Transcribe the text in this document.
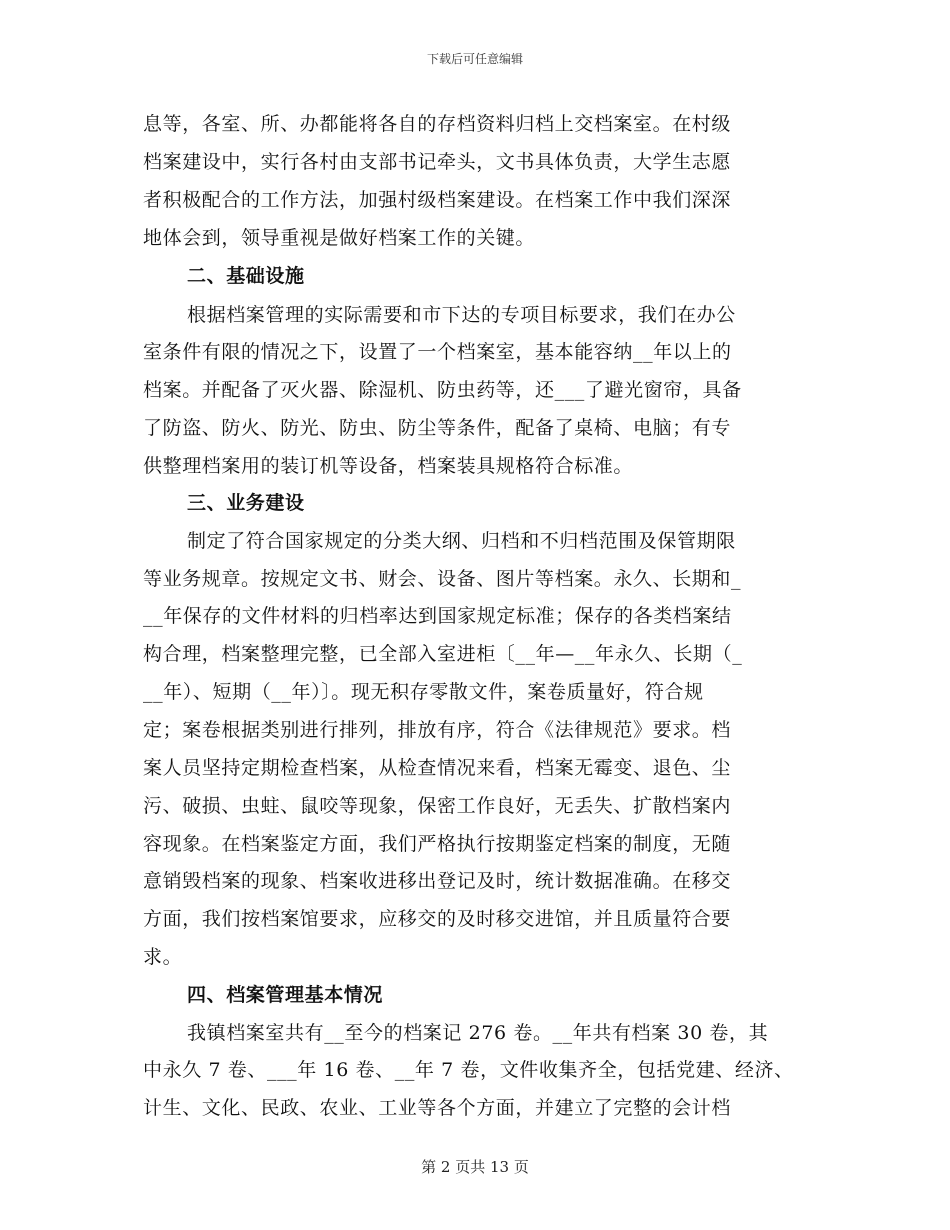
下载后可任意编辑
息等，各室、所、办都能将各自的存档资料归档上交档案室。在村级
档案建设中，实行各村由支部书记牵头，文书具体负责，大学生志愿
者积极配合的工作方法，加强村级档案建设。在档案工作中我们深深
地体会到，领导重视是做好档案工作的关键。
二、基础设施
根据档案管理的实际需要和市下达的专项目标要求，我们在办公
室条件有限的情况之下，设置了一个档案室，基本能容纳__年以上的
档案。并配备了灭火器、除湿机、防虫药等，还___了避光窗帘，具备
了防盗、防火、防光、防虫、防尘等条件，配备了桌椅、电脑；有专
供整理档案用的装订机等设备，档案装具规格符合标准。
三、业务建设
制定了符合国家规定的分类大纲、归档和不归档范围及保管期限
等业务规章。按规定文书、财会、设备、图片等档案。永久、长期和_
__年保存的文件材料的归档率达到国家规定标准；保存的各类档案结
构合理，档案整理完整，已全部入室进柜〔__年—__年永久、长期（_
__年）、短期（__年）〕。现无积存零散文件，案卷质量好，符合规
定；案卷根据类别进行排列，排放有序，符合《法律规范》要求。档
案人员坚持定期检查档案，从检查情况来看，档案无霉变、退色、尘
污、破损、虫蛀、鼠咬等现象，保密工作良好，无丢失、扩散档案内
容现象。在档案鉴定方面，我们严格执行按期鉴定档案的制度，无随
意销毁档案的现象、档案收进移出登记及时，统计数据准确。在移交
方面，我们按档案馆要求，应移交的及时移交进馆，并且质量符合要
求。
四、档案管理基本情况
我镇档案室共有__至今的档案记 276 卷。__年共有档案 30 卷，其
中永久 7 卷、___年 16 卷、__年 7 卷，文件收集齐全，包括党建、经济、
计生、文化、民政、农业、工业等各个方面，并建立了完整的会计档
第 2 页共 13 页
